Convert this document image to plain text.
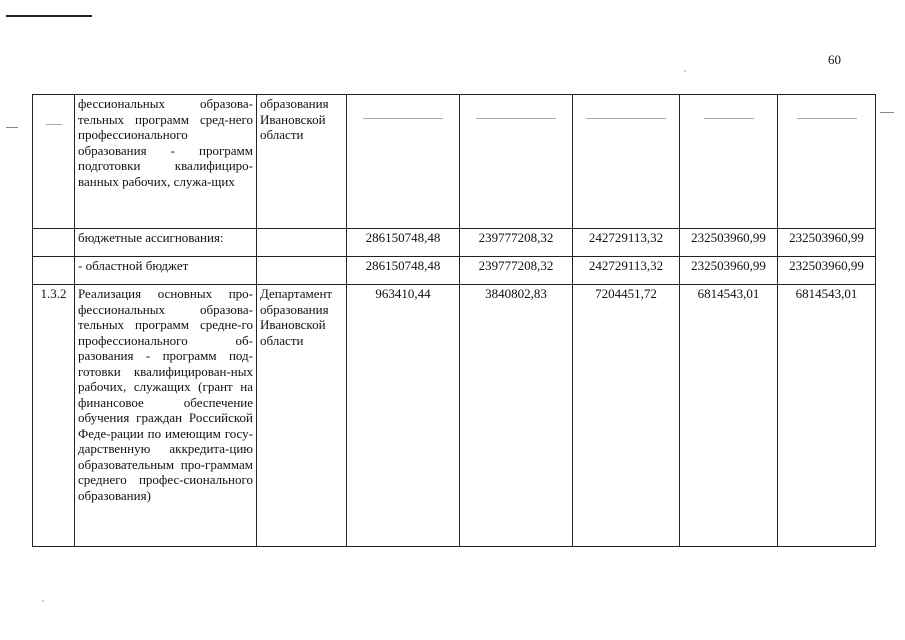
60
	фессиональных образова-тельных программ сред-него профессионального образования - программ подготовки квалифициро-ванных рабочих, служа-щих	образования Ивановской области	

	бюджетные ассигнования:		286150748,48	239777208,32	242729113,32	232503960,99	232503960,99
	- областной бюджет		286150748,48	239777208,32	242729113,32	232503960,99	232503960,99
1.3.2	Реализация основных про-фессиональных образова-тельных программ средне-го профессионального об-разования - программ под-готовки квалифицирован-ных рабочих, служащих (грант на финансовое обеспечение обучения граждан Российской Феде-рации по имеющим госу-дарственную аккредита-цию образовательным про-граммам среднего профес-сионального образования)	Департамент образования Ивановской области	963410,44	3840802,83	7204451,72	6814543,01	6814543,01
